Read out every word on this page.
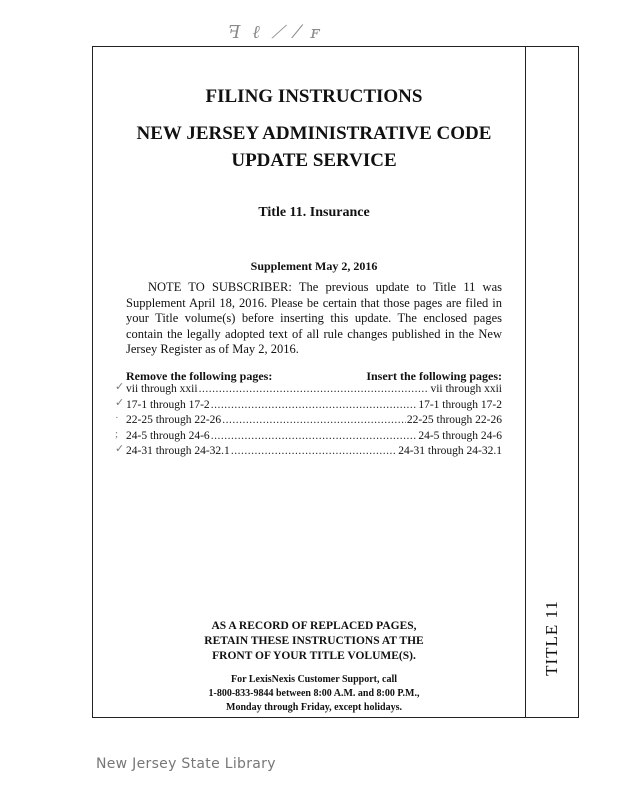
ꟻ ℓ ⟋ ⁄ ꜰ
TITLE 11
FILING INSTRUCTIONS
NEW JERSEY ADMINISTRATIVE CODE
UPDATE SERVICE
Title 11. Insurance
Supplement May 2, 2016

NOTE TO SUBSCRIBER: The previous update to Title 11 was Supplement April 18, 2016. Please be certain that those pages are filed in your Title volume(s) before inserting this update. The enclosed pages contain the legally adopted text of all rule changes published in the New Jersey Register as of May 2, 2016.

Remove the following pages:	Insert the following pages:
vii through xxii .....	vii through xxii
17-1 through 17-2 .....	17-1 through 17-2
22-25 through 22-26 .....	22-25 through 22-26
24-5 through 24-6 .....	24-5 through 24-6
24-31 through 24-32.1 .....	24-31 through 24-32.1
AS A RECORD OF REPLACED PAGES,
RETAIN THESE INSTRUCTIONS AT THE
FRONT OF YOUR TITLE VOLUME(S).
For LexisNexis Customer Support, call
1-800-833-9844 between 8:00 A.M. and 8:00 P.M.,
Monday through Friday, except holidays.
✓
✓
·
;
✓
New Jersey State Library
